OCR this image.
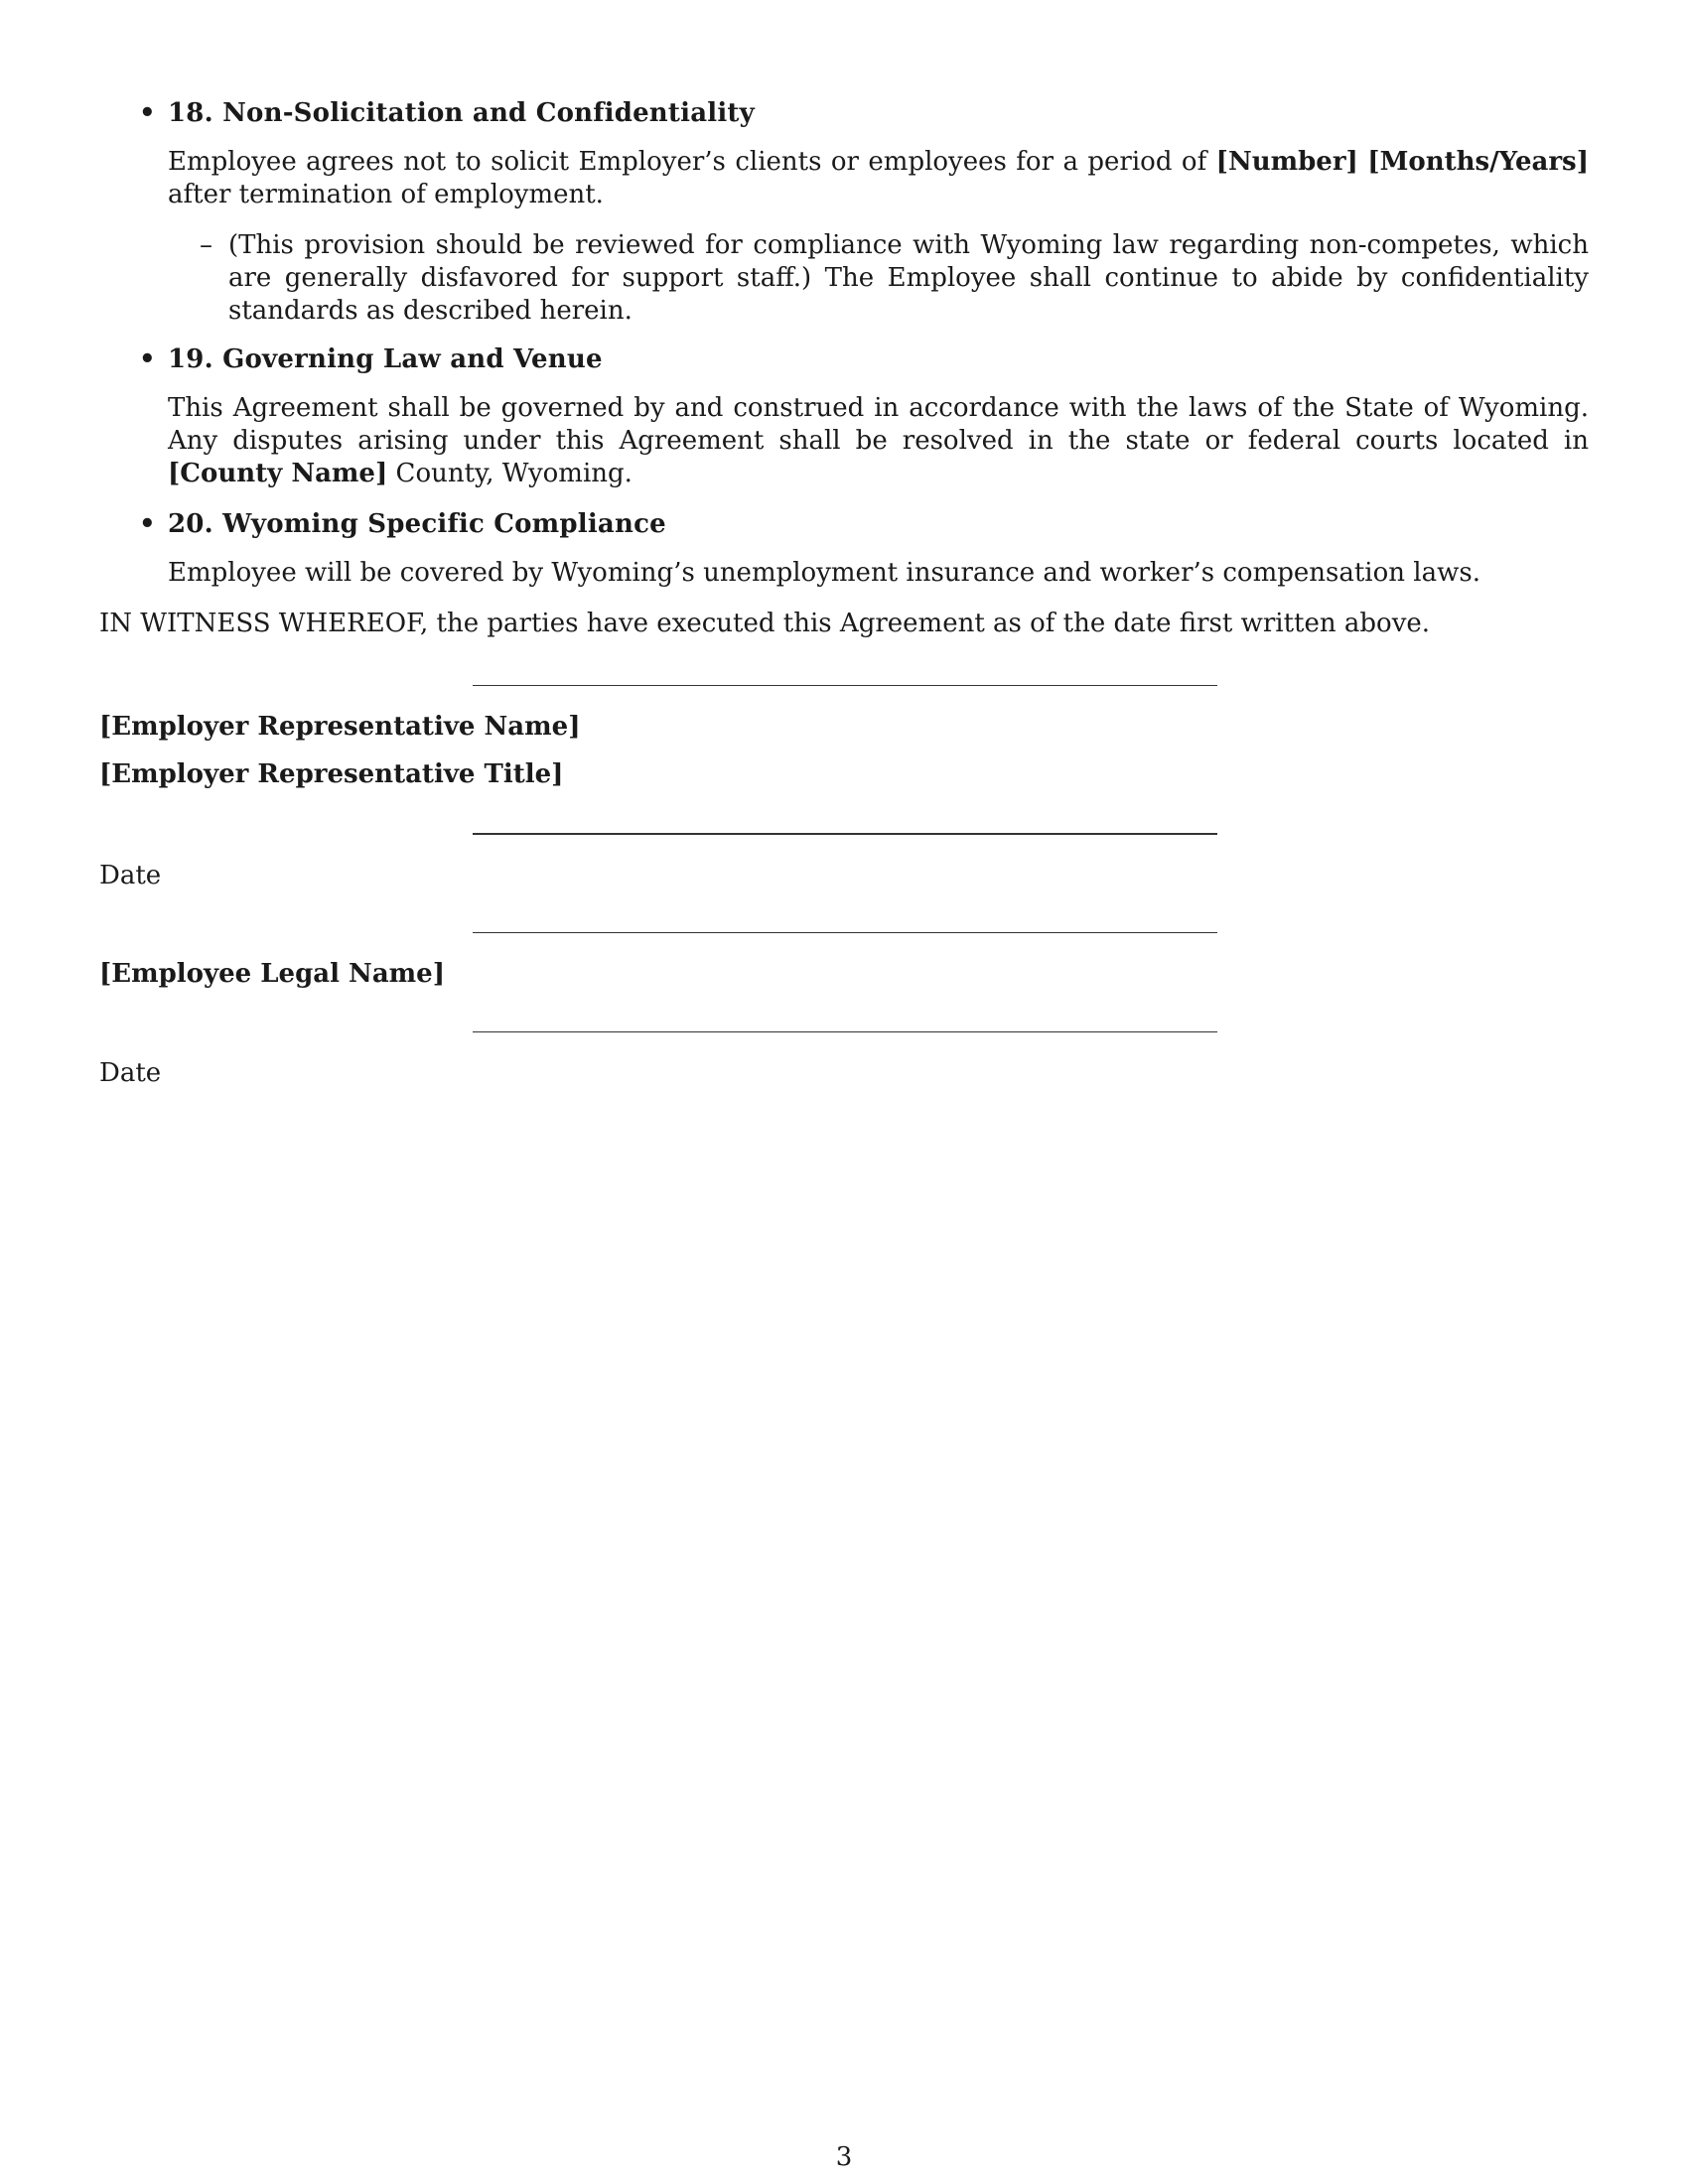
• 18. Non-Solicitation and Confidentiality

Employee agrees not to solicit Employer’s clients or employees for a period of [Number] [Months/Years] after termination of employment.

– (This provision should be reviewed for compliance with Wyoming law regarding non-competes, which are generally disfavored for support staff.) The Employee shall continue to abide by confidentiality standards as described herein.
• 19. Governing Law and Venue

This Agreement shall be governed by and construed in accordance with the laws of the State of Wyoming. Any disputes arising under this Agreement shall be resolved in the state or federal courts located in [County Name] County, Wyoming.

• 20. Wyoming Specific Compliance

Employee will be covered by Wyoming’s unemployment insurance and worker’s compensation laws.

IN WITNESS WHEREOF, the parties have executed this Agreement as of the date first written above.

[Employer Representative Name]
[Employer Representative Title]
Date
[Employee Legal Name]
Date
3
